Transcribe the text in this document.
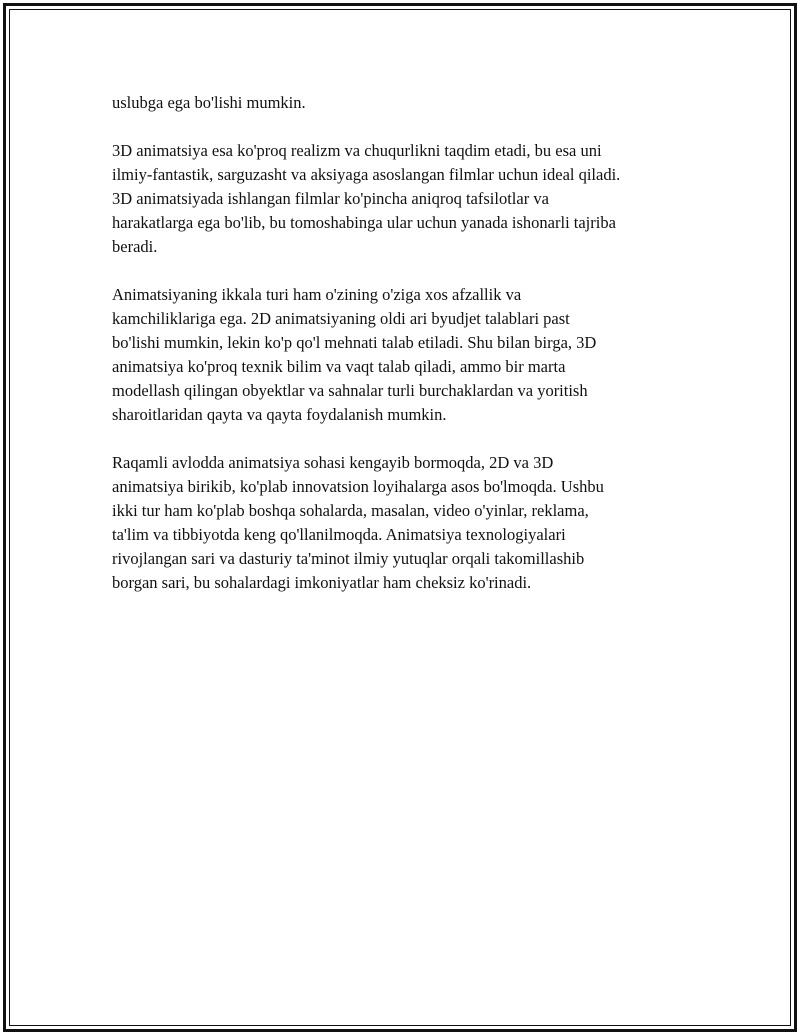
uslubga ega bo'lishi mumkin.

3D animatsiya esa ko'proq realizm va chuqurlikni taqdim etadi, bu esa uni
ilmiy-fantastik, sarguzasht va aksiyaga asoslangan filmlar uchun ideal qiladi.
3D animatsiyada ishlangan filmlar ko'pincha aniqroq tafsilotlar va
harakatlarga ega bo'lib, bu tomoshabinga ular uchun yanada ishonarli tajriba
beradi.

Animatsiyaning ikkala turi ham o'zining o'ziga xos afzallik va
kamchiliklariga ega. 2D animatsiyaning oldi ari byudjet talablari past
bo'lishi mumkin, lekin ko'p qo'l mehnati talab etiladi. Shu bilan birga, 3D
animatsiya ko'proq texnik bilim va vaqt talab qiladi, ammo bir marta
modellash qilingan obyektlar va sahnalar turli burchaklardan va yoritish
sharoitlaridan qayta va qayta foydalanish mumkin.

Raqamli avlodda animatsiya sohasi kengayib bormoqda, 2D va 3D
animatsiya birikib, ko'plab innovatsion loyihalarga asos bo'lmoqda. Ushbu
ikki tur ham ko'plab boshqa sohalarda, masalan, video o'yinlar, reklama,
ta'lim va tibbiyotda keng qo'llanilmoqda. Animatsiya texnologiyalari
rivojlangan sari va dasturiy ta'minot ilmiy yutuqlar orqali takomillashib
borgan sari, bu sohalardagi imkoniyatlar ham cheksiz ko'rinadi.
